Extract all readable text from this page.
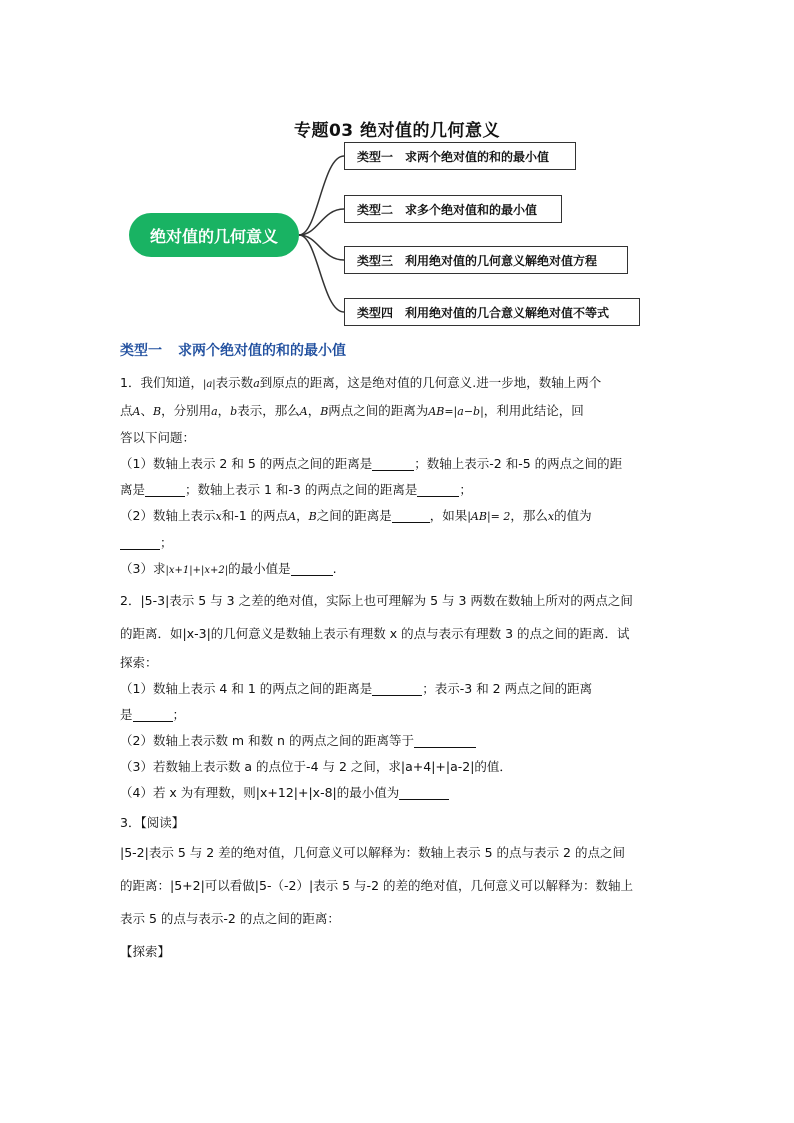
专题03 绝对值的几何意义
绝对值的几何意义
类型一 求两个绝对值的和的最小值
类型二 求多个绝对值和的最小值
类型三 利用绝对值的几何意义解绝对值方程
类型四 利用绝对值的几合意义解绝对值不等式
类型一 求两个绝对值的和的最小值
1．我们知道，|a|表示数a到原点的距离，这是绝对值的几何意义.进一步地，数轴上两个
点A、B，分别用a，b表示，那么A，B两点之间的距离为AB=|a−b|，利用此结论，回
答以下问题：
（1）数轴上表示 2 和 5 的两点之间的距离是	；数轴上表示-2 和-5 的两点之间的距
离是	；数轴上表示 1 和-3 的两点之间的距离是	；
（2）数轴上表示x和-1 的两点A，B之间的距离是	，如果|AB|= 2，那么x的值为
；
（3）求|x+1|+|x+2|的最小值是	.
2．|5-3|表示 5 与 3 之差的绝对值，实际上也可理解为 5 与 3 两数在数轴上所对的两点之间
的距离．如|x-3|的几何意义是数轴上表示有理数 x 的点与表示有理数 3 的点之间的距离．试
探索：
（1）数轴上表示 4 和 1 的两点之间的距离是	；表示-3 和 2 两点之间的距离
是	；
（2）数轴上表示数 m 和数 n 的两点之间的距离等于
（3）若数轴上表示数 a 的点位于-4 与 2 之间，求|a+4|+|a-2|的值．
（4）若 x 为有理数，则|x+12|+|x-8|的最小值为
3．【阅读】
|5-2|表示 5 与 2 差的绝对值，几何意义可以解释为：数轴上表示 5 的点与表示 2 的点之间
的距离：|5+2|可以看做|5-（-2）|表示 5 与-2 的差的绝对值，几何意义可以解释为：数轴上
表示 5 的点与表示-2 的点之间的距离：
【探索】
